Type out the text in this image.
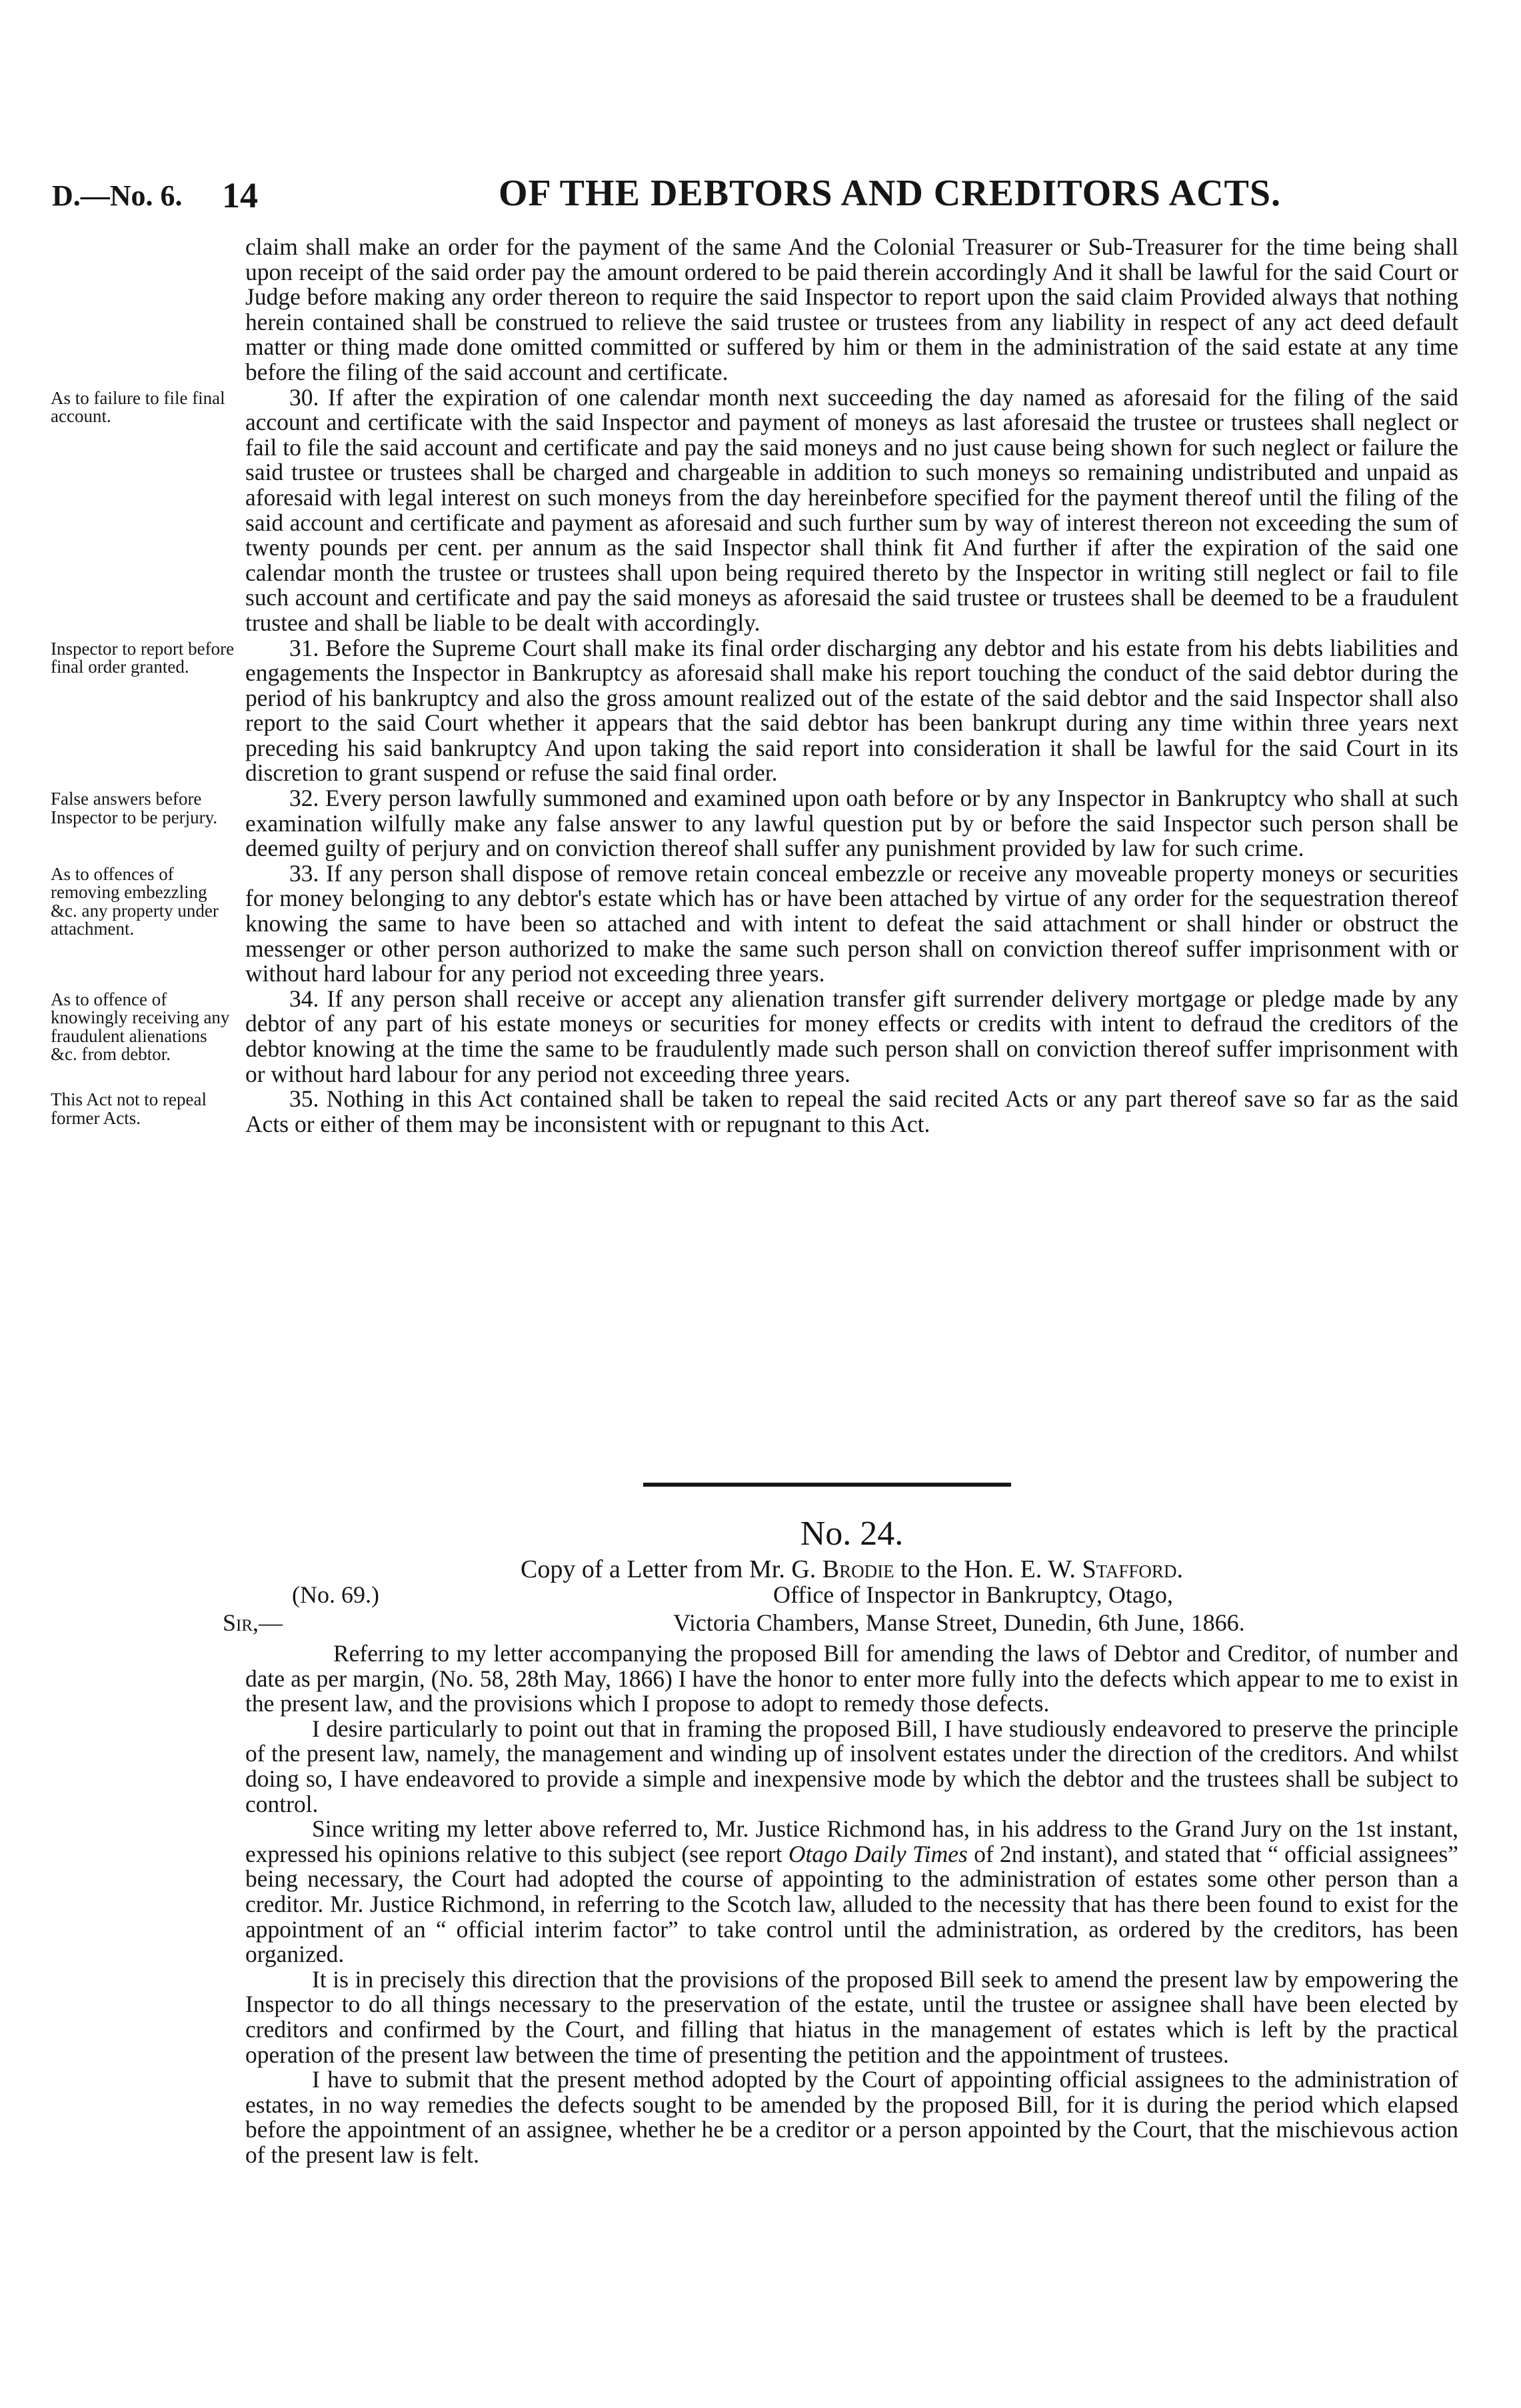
D.—No. 6. 14	OF THE DEBTORS AND CREDITORS ACTS.

claim shall make an order for the payment of the same And the Colonial Treasurer or Sub-Treasurer for the time being shall upon receipt of the said order pay the amount ordered to be paid therein accordingly And it shall be lawful for the said Court or Judge before making any order thereon to require the said Inspector to report upon the said claim Provided always that nothing herein contained shall be construed to relieve the said trustee or trustees from any liability in respect of any act deed default matter or thing made done omitted committed or suffered by him or them in the administration of the said estate at any time before the filing of the said account and certificate.

As to failure to file final account.

30. If after the expiration of one calendar month next succeeding the day named as aforesaid for the filing of the said account and certificate with the said Inspector and payment of moneys as last aforesaid the trustee or trustees shall neglect or fail to file the said account and certificate and pay the said moneys and no just cause being shown for such neglect or failure the said trustee or trustees shall be charged and chargeable in addition to such moneys so remaining undistributed and unpaid as aforesaid with legal interest on such moneys from the day hereinbefore specified for the payment thereof until the filing of the said account and certificate and payment as aforesaid and such further sum by way of interest thereon not exceeding the sum of twenty pounds per cent. per annum as the said Inspector shall think fit And further if after the expiration of the said one calendar month the trustee or trustees shall upon being required thereto by the Inspector in writing still neglect or fail to file such account and certificate and pay the said moneys as aforesaid the said trustee or trustees shall be deemed to be a fraudulent trustee and shall be liable to be dealt with accordingly.

Inspector to report before final order granted.

31. Before the Supreme Court shall make its final order discharging any debtor and his estate from his debts liabilities and engagements the Inspector in Bankruptcy as aforesaid shall make his report touching the conduct of the said debtor during the period of his bankruptcy and also the gross amount realized out of the estate of the said debtor and the said Inspector shall also report to the said Court whether it appears that the said debtor has been bankrupt during any time within three years next preceding his said bankruptcy And upon taking the said report into consideration it shall be lawful for the said Court in its discretion to grant suspend or refuse the said final order.

False answers before Inspector to be perjury.

32. Every person lawfully summoned and examined upon oath before or by any Inspector in Bankruptcy who shall at such examination wilfully make any false answer to any lawful question put by or before the said Inspector such person shall be deemed guilty of perjury and on conviction thereof shall suffer any punishment provided by law for such crime.

As to offences of removing embezzling &c. any property under attachment.

33. If any person shall dispose of remove retain conceal embezzle or receive any moveable property moneys or securities for money belonging to any debtor's estate which has or have been attached by virtue of any order for the sequestration thereof knowing the same to have been so attached and with intent to defeat the said attachment or shall hinder or obstruct the messenger or other person authorized to make the same such person shall on conviction thereof suffer imprisonment with or without hard labour for any period not exceeding three years.

As to offence of knowingly receiving any fraudulent alienations &c. from debtor.

34. If any person shall receive or accept any alienation transfer gift surrender delivery mortgage or pledge made by any debtor of any part of his estate moneys or securities for money effects or credits with intent to defraud the creditors of the debtor knowing at the time the same to be fraudulently made such person shall on conviction thereof suffer imprisonment with or without hard labour for any period not exceeding three years.

This Act not to repeal former Acts.

35. Nothing in this Act contained shall be taken to repeal the said recited Acts or any part thereof save so far as the said Acts or either of them may be inconsistent with or repugnant to this Act.

No. 24.

Copy of a Letter from Mr. G. Brodie to the Hon. E. W. Stafford.

(No. 69.)	Office of Inspector in Bankruptcy, Otago,
Sir,—	Victoria Chambers, Manse Street, Dunedin, 6th June, 1866.

Referring to my letter accompanying the proposed Bill for amending the laws of Debtor and Creditor, of number and date as per margin, (No. 58, 28th May, 1866) I have the honor to enter more fully into the defects which appear to me to exist in the present law, and the provisions which I propose to adopt to remedy those defects.

I desire particularly to point out that in framing the proposed Bill, I have studiously endeavored to preserve the principle of the present law, namely, the management and winding up of insolvent estates under the direction of the creditors. And whilst doing so, I have endeavored to provide a simple and inexpensive mode by which the debtor and the trustees shall be subject to control.

Since writing my letter above referred to, Mr. Justice Richmond has, in his address to the Grand Jury on the 1st instant, expressed his opinions relative to this subject (see report Otago Daily Times of 2nd instant), and stated that “ official assignees” being necessary, the Court had adopted the course of appointing to the administration of estates some other person than a creditor. Mr. Justice Richmond, in referring to the Scotch law, alluded to the necessity that has there been found to exist for the appointment of an “ official interim factor” to take control until the administration, as ordered by the creditors, has been organized.

It is in precisely this direction that the provisions of the proposed Bill seek to amend the present law by empowering the Inspector to do all things necessary to the preservation of the estate, until the trustee or assignee shall have been elected by creditors and confirmed by the Court, and filling that hiatus in the management of estates which is left by the practical operation of the present law between the time of presenting the petition and the appointment of trustees.

I have to submit that the present method adopted by the Court of appointing official assignees to the administration of estates, in no way remedies the defects sought to be amended by the proposed Bill, for it is during the period which elapsed before the appointment of an assignee, whether he be a creditor or a person appointed by the Court, that the mischievous action of the present law is felt.
